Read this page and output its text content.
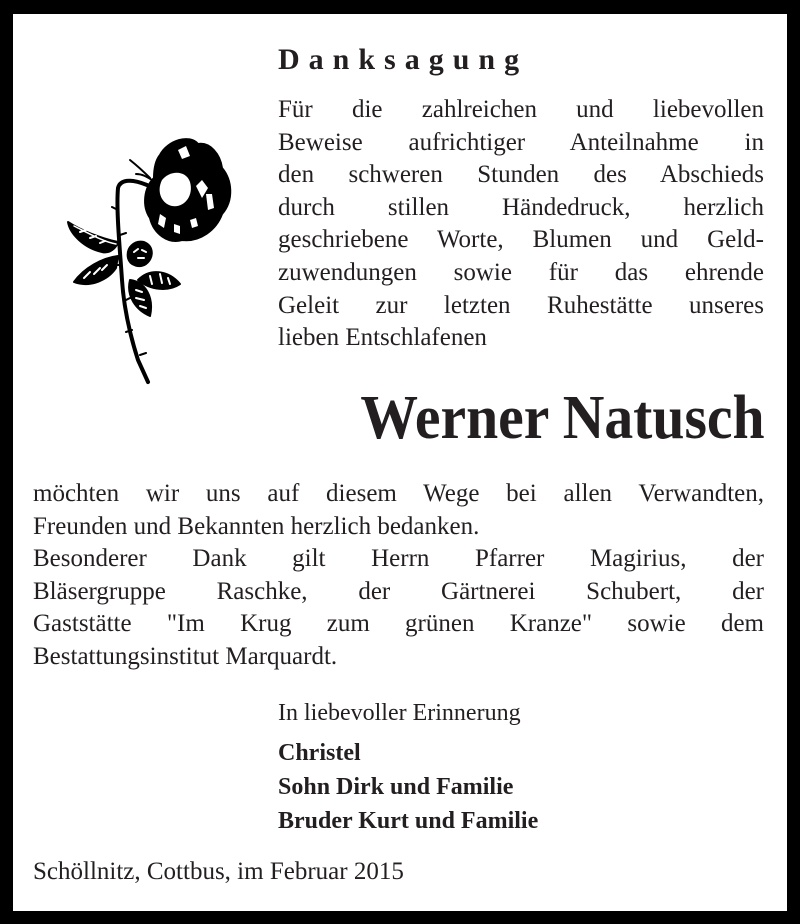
Danksagung
Für die zahlreichen und liebevollen
Beweise aufrichtiger Anteilnahme in
den schweren Stunden des Abschieds
durch stillen Händedruck, herzlich
geschriebene Worte, Blumen und Geld-
zuwendungen sowie für das ehrende
Geleit zur letzten Ruhestätte unseres
lieben Entschlafenen
Werner Natusch
möchten wir uns auf diesem Wege bei allen Verwandten,
Freunden und Bekannten herzlich bedanken.
Besonderer Dank gilt Herrn Pfarrer Magirius, der
Bläsergruppe Raschke, der Gärtnerei Schubert, der
Gaststätte "Im Krug zum grünen Kranze" sowie dem
Bestattungsinstitut Marquardt.
In liebevoller Erinnerung
Christel
Sohn Dirk und Familie
Bruder Kurt und Familie
Schöllnitz, Cottbus, im Februar 2015
